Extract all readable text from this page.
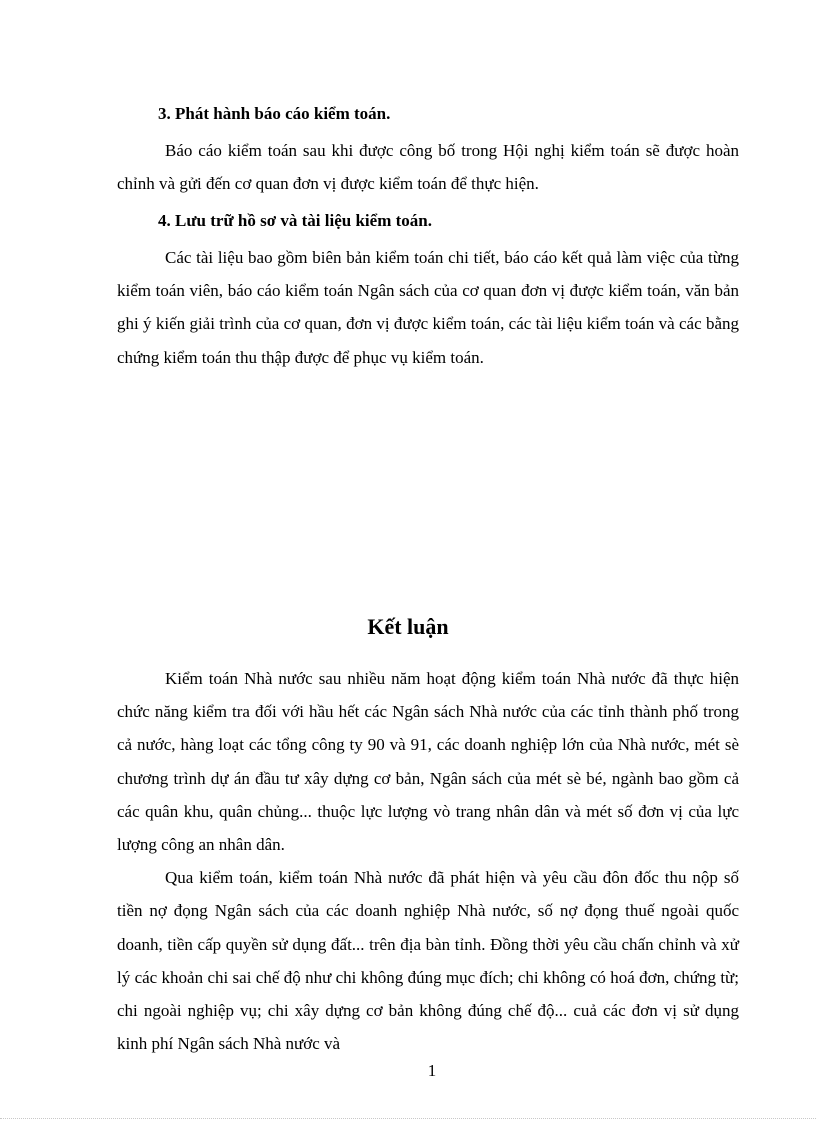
3. Phát hành báo cáo kiểm toán.

Báo cáo kiểm toán sau khi được công bố trong Hội nghị kiểm toán sẽ được hoàn chỉnh và gửi đến cơ quan đơn vị được kiểm toán để thực hiện.

4. Lưu trữ hồ sơ và tài liệu kiểm toán.

Các tài liệu bao gồm biên bản kiểm toán chi tiết, báo cáo kết quả làm việc của từng kiểm toán viên, báo cáo kiểm toán Ngân sách của cơ quan đơn vị được kiểm toán, văn bản ghi ý kiến giải trình của cơ quan, đơn vị được kiểm toán, các tài liệu kiểm toán và các bằng chứng kiểm toán thu thập được để phục vụ kiểm toán.

Kết luận

Kiểm toán Nhà nước sau nhiều năm hoạt động kiểm toán Nhà nước đã thực hiện chức năng kiểm tra đối với hầu hết các Ngân sách Nhà nước của các tỉnh thành phố trong cả nước, hàng loạt các tổng công ty 90 và 91, các doanh nghiệp lớn của Nhà nước, mét sè chương trình dự án đầu tư xây dựng cơ bản, Ngân sách của mét sè bé, ngành bao gồm cả các quân khu, quân chủng... thuộc lực lượng vò trang nhân dân và mét số đơn vị của lực lượng công an nhân dân.

Qua kiểm toán, kiểm toán Nhà nước đã phát hiện và yêu cầu đôn đốc thu nộp số tiền nợ đọng Ngân sách của các doanh nghiệp Nhà nước, số nợ đọng thuế ngoài quốc doanh, tiền cấp quyền sử dụng đất... trên địa bàn tỉnh. Đồng thời yêu cầu chấn chỉnh và xử lý các khoản chi sai chế độ như chi không đúng mục đích; chi không có hoá đơn, chứng từ; chi ngoài nghiệp vụ; chi xây dựng cơ bản không đúng chế độ... cuả các đơn vị sử dụng kinh phí Ngân sách Nhà nước và

1
